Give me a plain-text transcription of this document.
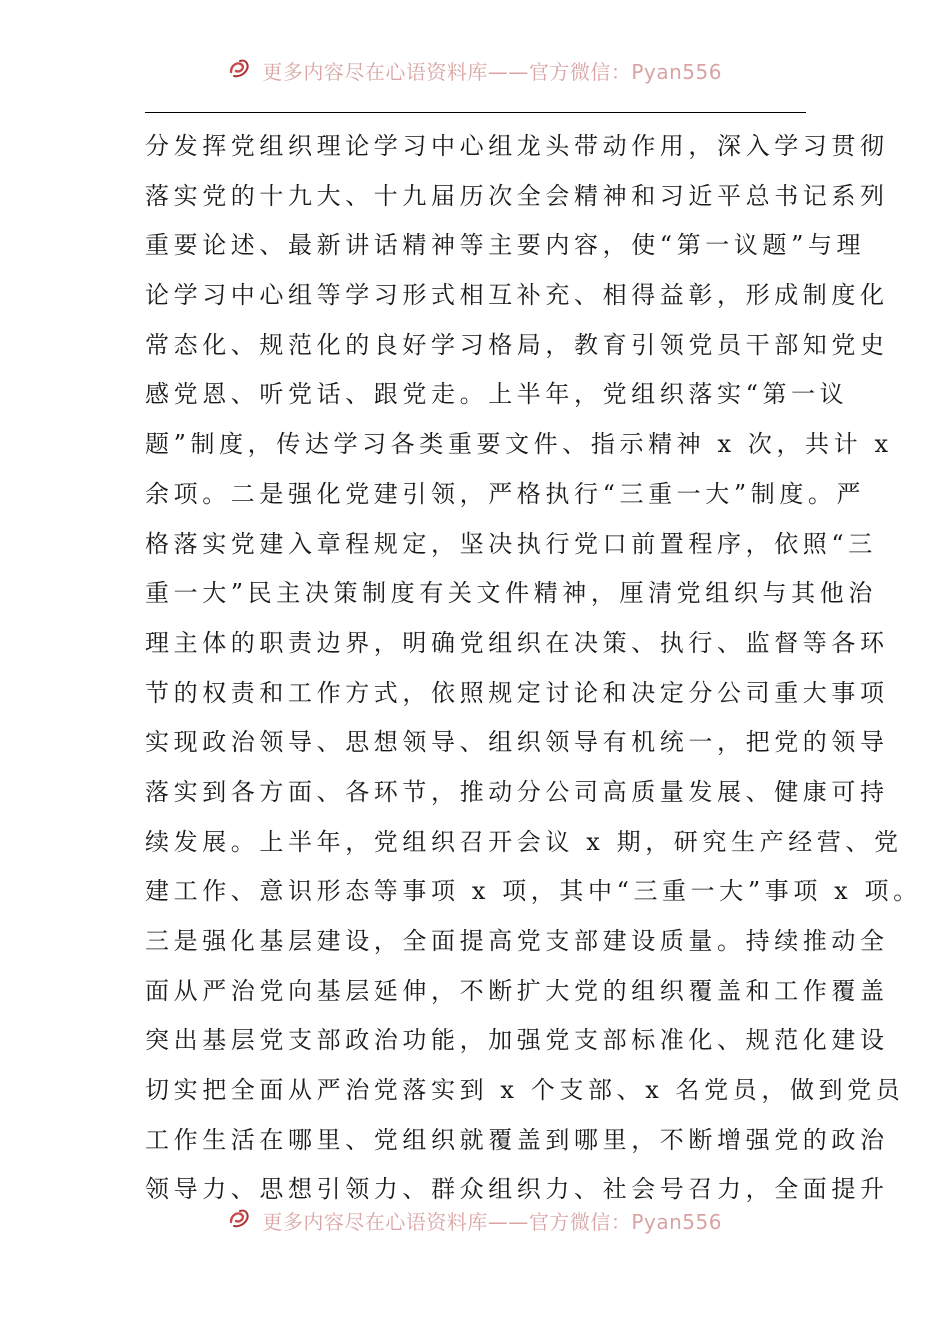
更多内容尽在心语资料库——官方微信：Pyan556
分发挥党组织理论学习中心组龙头带动作用，深入学习贯彻
落实党的十九大、十九届历次全会精神和习近平总书记系列
重要论述、最新讲话精神等主要内容，使“第一议题”与理
论学习中心组等学习形式相互补充、相得益彰，形成制度化
常态化、规范化的良好学习格局，教育引领党员干部知党史
感党恩、听党话、跟党走。上半年，党组织落实“第一议
题”制度，传达学习各类重要文件、指示精神 x 次，共计 x
余项。二是强化党建引领，严格执行“三重一大”制度。严
格落实党建入章程规定，坚决执行党口前置程序，依照“三
重一大”民主决策制度有关文件精神，厘清党组织与其他治
理主体的职责边界，明确党组织在决策、执行、监督等各环
节的权责和工作方式，依照规定讨论和决定分公司重大事项
实现政治领导、思想领导、组织领导有机统一，把党的领导
落实到各方面、各环节，推动分公司高质量发展、健康可持
续发展。上半年，党组织召开会议 x 期，研究生产经营、党
建工作、意识形态等事项 x 项，其中“三重一大”事项 x 项。
三是强化基层建设，全面提高党支部建设质量。持续推动全
面从严治党向基层延伸，不断扩大党的组织覆盖和工作覆盖
突出基层党支部政治功能，加强党支部标准化、规范化建设
切实把全面从严治党落实到 x 个支部、x 名党员，做到党员
工作生活在哪里、党组织就覆盖到哪里，不断增强党的政治
领导力、思想引领力、群众组织力、社会号召力，全面提升
更多内容尽在心语资料库——官方微信：Pyan556
